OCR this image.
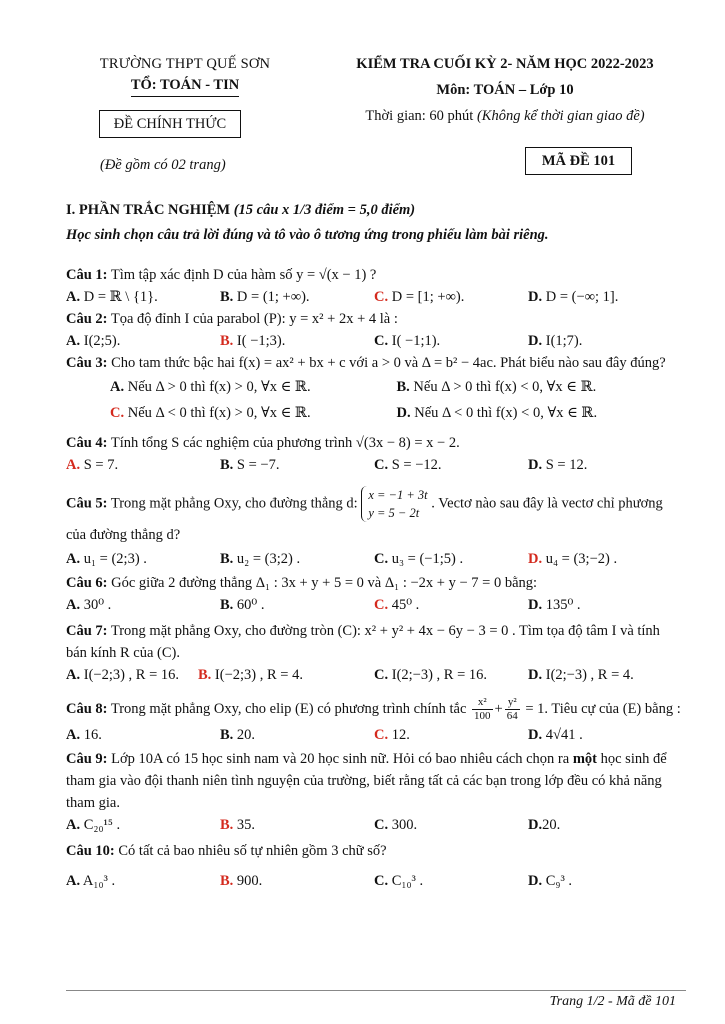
TRƯỜNG THPT QUẾ SƠN
TỔ: TOÁN - TIN
ĐỀ CHÍNH THỨC
(Đề gồm có 02 trang)
KIỂM TRA CUỐI KỲ 2- NĂM HỌC 2022-2023
Môn: TOÁN – Lớp 10
Thời gian: 60 phút (Không kể thời gian giao đề)
MÃ ĐỀ 101
I. PHẦN TRẮC NGHIỆM (15 câu x 1/3 điểm = 5,0 điểm)
Học sinh chọn câu trả lời đúng và tô vào ô tương ứng trong phiếu làm bài riêng.
Câu 1: Tìm tập xác định D của hàm số y = √(x − 1) ?
A. D = ℝ \ {1}.	B. D = (1; +∞).	C. D = [1; +∞).	D. D = (−∞; 1].
Câu 2: Tọa độ đỉnh I của parabol (P): y = x² + 2x + 4 là :
A. I(2;5).	B. I( −1;3).	C. I( −1;1).	D. I(1;7).
Câu 3: Cho tam thức bậc hai f(x) = ax² + bx + c với a > 0 và Δ = b² − 4ac. Phát biểu nào sau đây đúng?
A. Nếu Δ > 0 thì f(x) > 0, ∀x ∈ ℝ.	B. Nếu Δ > 0 thì f(x) < 0, ∀x ∈ ℝ.
C. Nếu Δ < 0 thì f(x) > 0, ∀x ∈ ℝ.	D. Nếu Δ < 0 thì f(x) < 0, ∀x ∈ ℝ.
Câu 4: Tính tổng S các nghiệm của phương trình √(3x − 8) = x − 2.
A. S = 7.	B. S = −7.	C. S = −12.	D. S = 12.
Câu 5: Trong mặt phẳng Oxy, cho đường thẳng d: x = −1 + 3t
y = 5 − 2t . Vectơ nào sau đây là vectơ chỉ phương của đường thẳng d?
A. u₁ = (2;3) .	B. u₂ = (3;2) .	C. u₃ = (−1;5) .	D. u₄ = (3;−2) .
Câu 6: Góc giữa 2 đường thẳng Δ₁ : 3x + y + 5 = 0 và Δ₁ : −2x + y − 7 = 0 bằng:
A. 30⁰ .	B. 60⁰ .	C. 45⁰ .	D. 135⁰ .
Câu 7: Trong mặt phẳng Oxy, cho đường tròn (C): x² + y² + 4x − 6y − 3 = 0 . Tìm tọa độ tâm I và tính bán kính R của (C).
A. I(−2;3) , R = 16.	B. I(−2;3) , R = 4.	C. I(2;−3) , R = 16.	D. I(2;−3) , R = 4.
Câu 8: Trong mặt phẳng Oxy, cho elip (E) có phương trình chính tắc $\frac{\text{x²}}{100} + \frac{\text{y²}}{64} = 1$. Tiêu cự của (E) bằng :
A. 16.	B. 20.	C. 12.	D. 4√41 .
Câu 9: Lớp 10A có 15 học sinh nam và 20 học sinh nữ. Hỏi có bao nhiêu cách chọn ra một học sinh để tham gia vào đội thanh niên tình nguyện của trường, biết rằng tất cả các bạn trong lớp đều có khả năng tham gia.
A. C₂₀¹⁵ .	B. 35.	C. 300.	D.20.
Câu 10: Có tất cả bao nhiêu số tự nhiên gồm 3 chữ số?
A. A₁₀³ .	B. 900.	C. C₁₀³ .	D. C₉³ .
Trang 1/2 - Mã đề 101
